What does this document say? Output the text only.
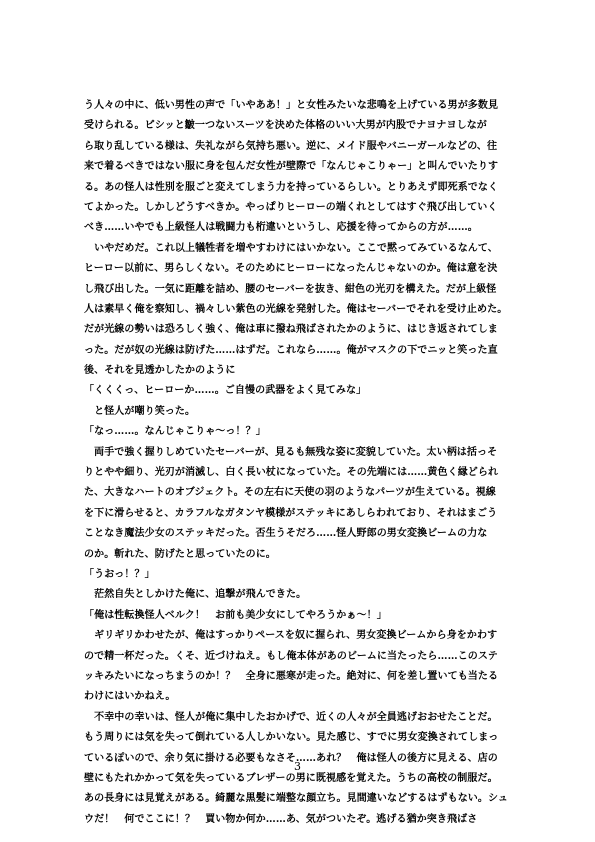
う人々の中に、低い男性の声で「いやああ！」と女性みたいな悲鳴を上げている男が多数見
受けられる。ピシッと皺一つないスーツを決めた体格のいい大男が内股でナヨナヨしなが
ら取り乱している様は、失礼ながら気持ち悪い。逆に、メイド服やバニーガールなどの、往
来で着るべきではない服に身を包んだ女性が壁際で「なんじゃこりゃー」と叫んでいたりす
る。あの怪人は性別を服ごと変えてしまう力を持っているらしい。とりあえず即死系でなく
てよかった。しかしどうすべきか。やっぱりヒーローの端くれとしてはすぐ飛び出していく
べき……いやでも上級怪人は戦闘力も桁違いというし、応援を待ってからの方が……。
　いやだめだ。これ以上犠牲者を増やすわけにはいかない。ここで黙ってみているなんて、
ヒーロー以前に、男らしくない。そのためにヒーローになったんじゃないのか。俺は意を決
し飛び出した。一気に距離を詰め、腰のセーバーを抜き、紺色の光刃を構えた。だが上級怪
人は素早く俺を察知し、禍々しい紫色の光線を発射した。俺はセーバーでそれを受け止めた。
だが光線の勢いは恐ろしく強く、俺は車に撥ね飛ばされたかのように、はじき返されてしま
った。だが奴の光線は防げた……はずだ。これなら……。俺がマスクの下でニッと笑った直
後、それを見透かしたかのように
「くくくっ、ヒーローか……。ご自慢の武器をよく見てみな」
　と怪人が嘲り笑った。
「なっ……。なんじゃこりゃ〜っ！？」
　両手で強く握りしめていたセーバーが、見るも無残な姿に変貌していた。太い柄は括っそ
りとやや細り、光刃が消滅し、白く長い杖になっていた。その先端には……黄色く縁どられ
た、大きなハートのオブジェクト。その左右に天使の羽のようなパーツが生えている。視線
を下に滑らせると、カラフルなガタンヤ模様がステッキにあしらわれており、それはまごう
ことなき魔法少女のステッキだった。否生うそだろ……怪人野郎の男女変換ビームの力な
のか。斬れた、防げたと思っていたのに。
「うおっ！？」
　茫然自失としかけた俺に、追撃が飛んできた。
「俺は性転換怪人ベルク！　お前も美少女にしてやろうかぁ〜！」
　ギリギリかわせたが、俺はすっかりペースを奴に握られ、男女変換ビームから身をかわす
ので精一杯だった。くそ、近づけねえ。もし俺本体があのビームに当たったら……このステ
ッキみたいになっちまうのか！？　全身に悪寒が走った。絶対に、何を差し置いても当たる
わけにはいかねえ。
　不幸中の幸いは、怪人が俺に集中したおかげで、近くの人々が全員逃げおおせたことだ。
もう周りには気を失って倒れている人しかいない。見た感じ、すでに男女変換されてしまっ
ているぽいので、余り気に掛ける必要もなさそ……あれ？　俺は怪人の後方に見える、店の
壁にもたれかかって気を失っているブレザーの男に既視感を覚えた。うちの高校の制服だ。
あの長身には見覚えがある。綺麗な黒髪に端整な顔立ち。見間違いなどするはずもない。シュ
ウだ！　何でここに！？　買い物か何か……あ、気がついたぞ。逃げる猶か突き飛ばさ
3
